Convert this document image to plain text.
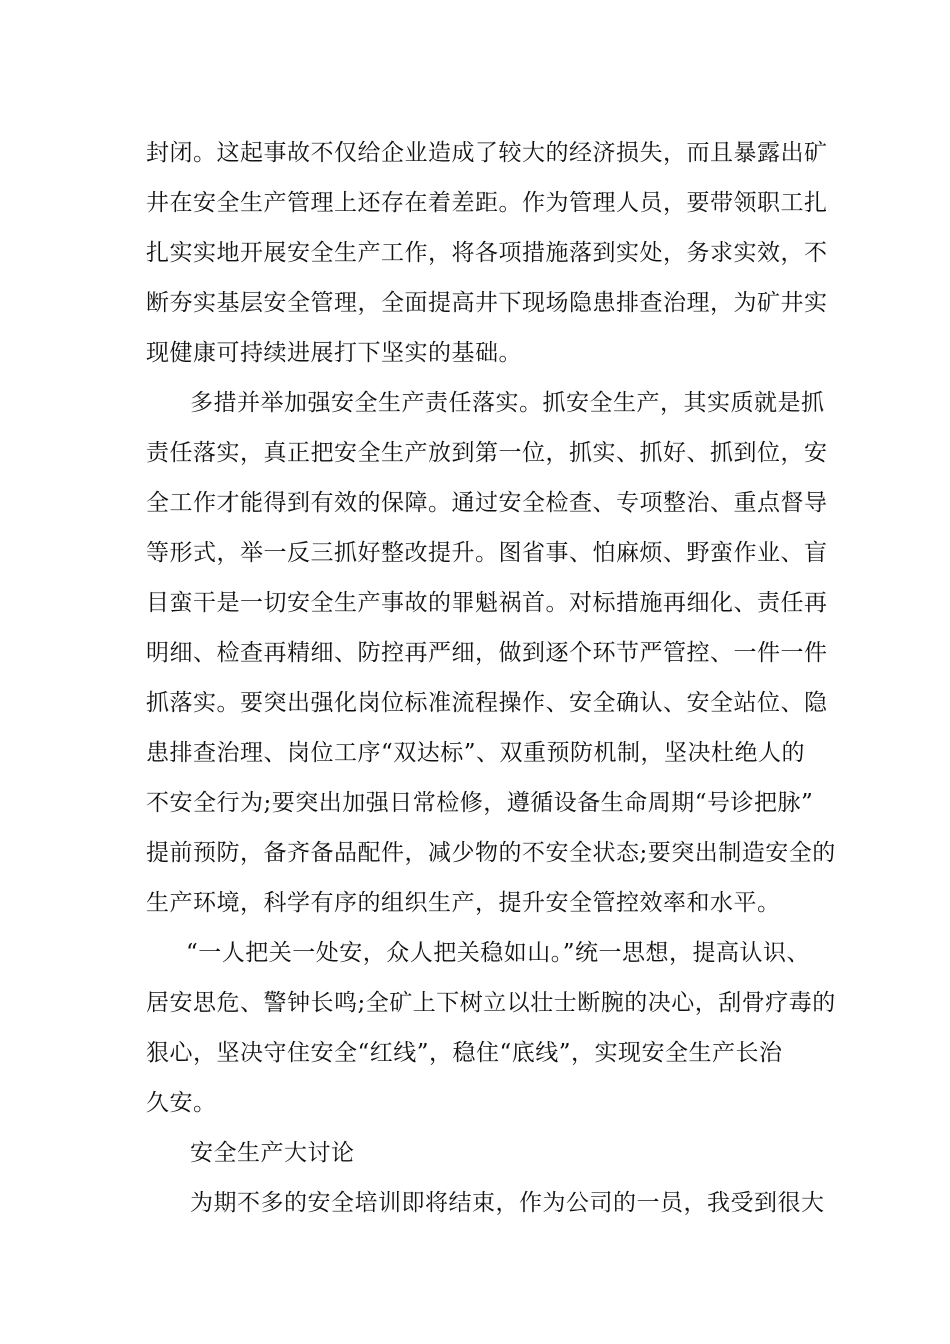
封闭。这起事故不仅给企业造成了较大的经济损失，而且暴露出矿
井在安全生产管理上还存在着差距。作为管理人员，要带领职工扎
扎实实地开展安全生产工作，将各项措施落到实处，务求实效，不
断夯实基层安全管理，全面提高井下现场隐患排查治理，为矿井实
现健康可持续进展打下坚实的基础。
多措并举加强安全生产责任落实。抓安全生产，其实质就是抓
责任落实，真正把安全生产放到第一位，抓实、抓好、抓到位，安
全工作才能得到有效的保障。通过安全检查、专项整治、重点督导
等形式，举一反三抓好整改提升。图省事、怕麻烦、野蛮作业、盲
目蛮干是一切安全生产事故的罪魁祸首。对标措施再细化、责任再
明细、检查再精细、防控再严细，做到逐个环节严管控、一件一件
抓落实。要突出强化岗位标准流程操作、安全确认、安全站位、隐
患排查治理、岗位工序“双达标”、双重预防机制，坚决杜绝人的
不安全行为;要突出加强日常检修，遵循设备生命周期“号诊把脉”
提前预防，备齐备品配件，减少物的不安全状态;要突出制造安全的
生产环境，科学有序的组织生产，提升安全管控效率和水平。
“一人把关一处安，众人把关稳如山。”统一思想，提高认识、
居安思危、警钟长鸣;全矿上下树立以壮士断腕的决心，刮骨疗毒的
狠心，坚决守住安全“红线”，稳住“底线”，实现安全生产长治
久安。
安全生产大讨论
为期不多的安全培训即将结束，作为公司的一员，我受到很大
